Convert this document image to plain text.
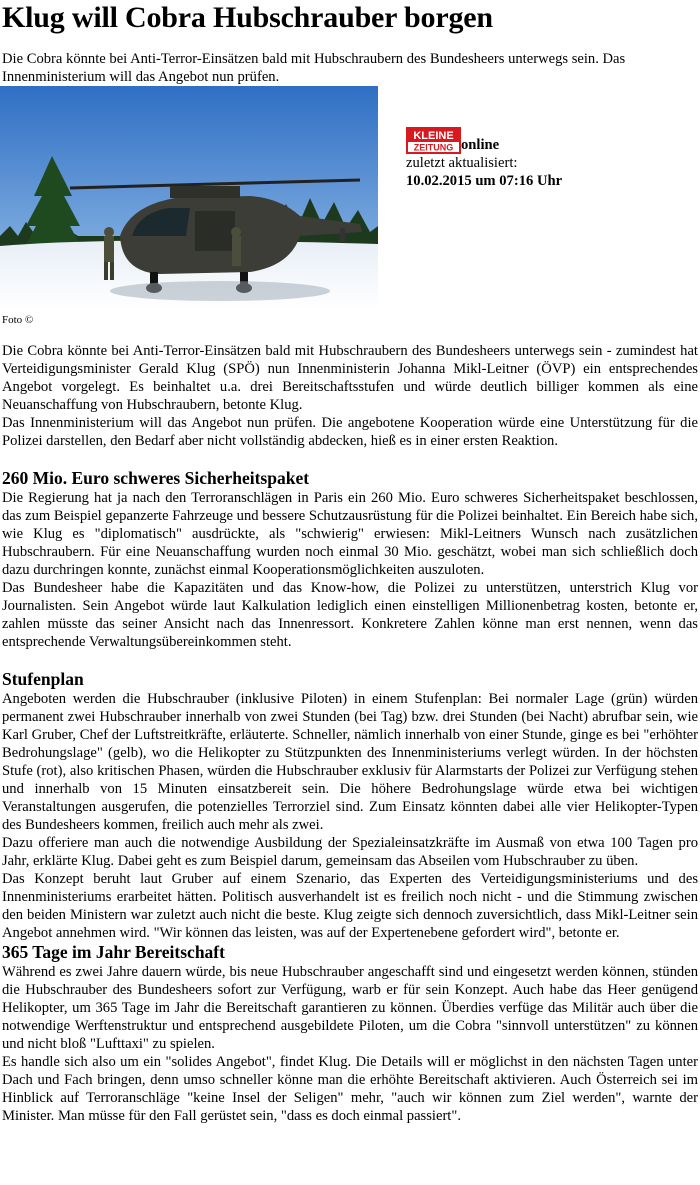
Klug will Cobra Hubschrauber borgen

Die Cobra könnte bei Anti-Terror-Einsätzen bald mit Hubschraubern des Bundesheers unterwegs sein. Das Innenministerium will das Angebot nun prüfen.

Foto ©
KLEINE
ZEITUNG online
zuletzt aktualisiert:
10.02.2015 um 07:16 Uhr

Die Cobra könnte bei Anti-Terror-Einsätzen bald mit Hubschraubern des Bundesheers unterwegs sein - zumindest hat Verteidigungsminister Gerald Klug (SPÖ) nun Innenministerin Johanna Mikl-Leitner (ÖVP) ein entsprechendes Angebot vorgelegt. Es beinhaltet u.a. drei Bereitschaftsstufen und würde deutlich billiger kommen als eine Neuanschaffung von Hubschraubern, betonte Klug.

Das Innenministerium will das Angebot nun prüfen. Die angebotene Kooperation würde eine Unterstützung für die Polizei darstellen, den Bedarf aber nicht vollständig abdecken, hieß es in einer ersten Reaktion.

260 Mio. Euro schweres Sicherheitspaket

Die Regierung hat ja nach den Terroranschlägen in Paris ein 260 Mio. Euro schweres Sicherheitspaket beschlossen, das zum Beispiel gepanzerte Fahrzeuge und bessere Schutzausrüstung für die Polizei beinhaltet. Ein Bereich habe sich, wie Klug es "diplomatisch" ausdrückte, als "schwierig" erwiesen: Mikl-Leitners Wunsch nach zusätzlichen Hubschraubern. Für eine Neuanschaffung wurden noch einmal 30 Mio. geschätzt, wobei man sich schließlich doch dazu durchringen konnte, zunächst einmal Kooperationsmöglichkeiten auszuloten.

Das Bundesheer habe die Kapazitäten und das Know-how, die Polizei zu unterstützen, unterstrich Klug vor Journalisten. Sein Angebot würde laut Kalkulation lediglich einen einstelligen Millionenbetrag kosten, betonte er, zahlen müsste das seiner Ansicht nach das Innenressort. Konkretere Zahlen könne man erst nennen, wenn das entsprechende Verwaltungsübereinkommen steht.

Stufenplan

Angeboten werden die Hubschrauber (inklusive Piloten) in einem Stufenplan: Bei normaler Lage (grün) würden permanent zwei Hubschrauber innerhalb von zwei Stunden (bei Tag) bzw. drei Stunden (bei Nacht) abrufbar sein, wie Karl Gruber, Chef der Luftstreitkräfte, erläuterte. Schneller, nämlich innerhalb von einer Stunde, ginge es bei "erhöhter Bedrohungslage" (gelb), wo die Helikopter zu Stützpunkten des Innenministeriums verlegt würden. In der höchsten Stufe (rot), also kritischen Phasen, würden die Hubschrauber exklusiv für Alarmstarts der Polizei zur Verfügung stehen und innerhalb von 15 Minuten einsatzbereit sein. Die höhere Bedrohungslage würde etwa bei wichtigen Veranstaltungen ausgerufen, die potenzielles Terrorziel sind. Zum Einsatz könnten dabei alle vier Helikopter-Typen des Bundesheers kommen, freilich auch mehr als zwei.

Dazu offeriere man auch die notwendige Ausbildung der Spezialeinsatzkräfte im Ausmaß von etwa 100 Tagen pro Jahr, erklärte Klug. Dabei geht es zum Beispiel darum, gemeinsam das Abseilen vom Hubschrauber zu üben.

Das Konzept beruht laut Gruber auf einem Szenario, das Experten des Verteidigungsministeriums und des Innenministeriums erarbeitet hätten. Politisch ausverhandelt ist es freilich noch nicht - und die Stimmung zwischen den beiden Ministern war zuletzt auch nicht die beste. Klug zeigte sich dennoch zuversichtlich, dass Mikl-Leitner sein Angebot annehmen wird. "Wir können das leisten, was auf der Expertenebene gefordert wird", betonte er.

365 Tage im Jahr Bereitschaft

Während es zwei Jahre dauern würde, bis neue Hubschrauber angeschafft sind und eingesetzt werden können, stünden die Hubschrauber des Bundesheers sofort zur Verfügung, warb er für sein Konzept. Auch habe das Heer genügend Helikopter, um 365 Tage im Jahr die Bereitschaft garantieren zu können. Überdies verfüge das Militär auch über die notwendige Werftenstruktur und entsprechend ausgebildete Piloten, um die Cobra "sinnvoll unterstützen" zu können und nicht bloß "Lufttaxi" zu spielen.

Es handle sich also um ein "solides Angebot", findet Klug. Die Details will er möglichst in den nächsten Tagen unter Dach und Fach bringen, denn umso schneller könne man die erhöhte Bereitschaft aktivieren. Auch Österreich sei im Hinblick auf Terroranschläge "keine Insel der Seligen" mehr, "auch wir können zum Ziel werden", warnte der Minister. Man müsse für den Fall gerüstet sein, "dass es doch einmal passiert".
